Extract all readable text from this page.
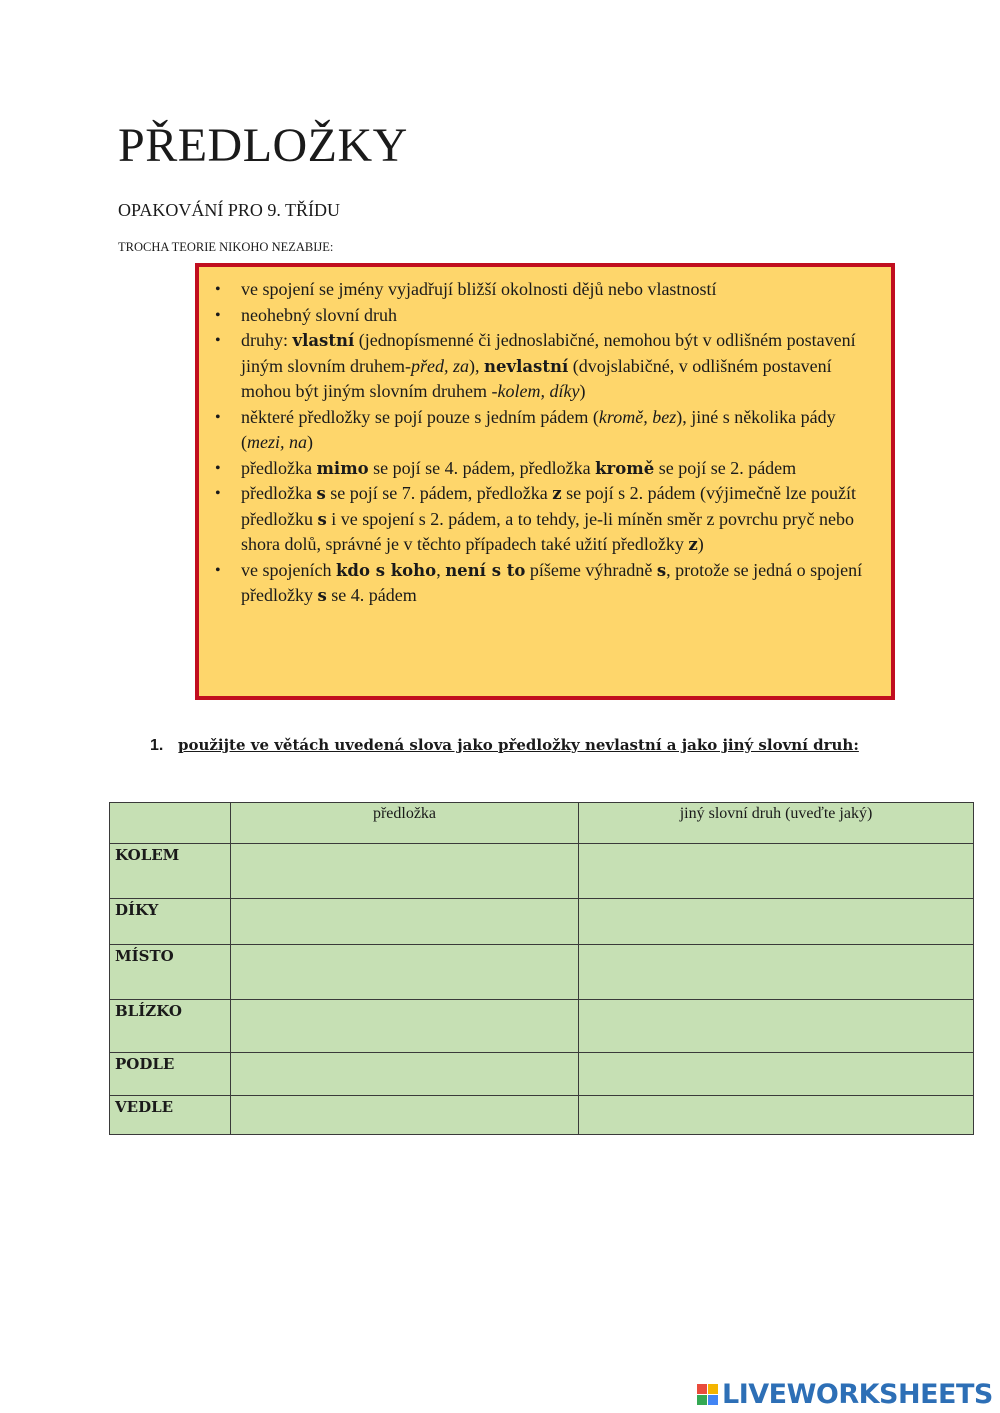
PŘEDLOŽKY
OPAKOVÁNÍ PRO 9. TŘÍDU
TROCHA TEORIE NIKOHO NEZABIJE:
• ve spojení se jmény vyjadřují bližší okolnosti dějů nebo vlastností
• neohebný slovní druh
• druhy: vlastní (jednopísmenné či jednoslabičné, nemohou být v odlišném postavení jiným slovním druhem-před, za), nevlastní (dvojslabičné, v odlišném postavení mohou být jiným slovním druhem -kolem, díky)
• některé předložky se pojí pouze s jedním pádem (kromě, bez), jiné s několika pády (mezi, na)
• předložka mimo se pojí se 4. pádem, předložka kromě se pojí se 2. pádem
• předložka s se pojí se 7. pádem, předložka z se pojí s 2. pádem (výjimečně lze použít předložku s i ve spojení s 2. pádem, a to tehdy, je-li míněn směr z povrchu pryč nebo shora dolů, správné je v těchto případech také užití předložky z)
• ve spojeních kdo s koho, není s to píšeme výhradně s, protože se jedná o spojení předložky s se 4. pádem
1. použijte ve větách uvedená slova jako předložky nevlastní a jako jiný slovní druh:
	předložka	jiný slovní druh (uveďte jaký)
KOLEM		
DÍKY		
MÍSTO		
BLÍZKO		
PODLE		
VEDLE		
LIVEWORKSHEETS
